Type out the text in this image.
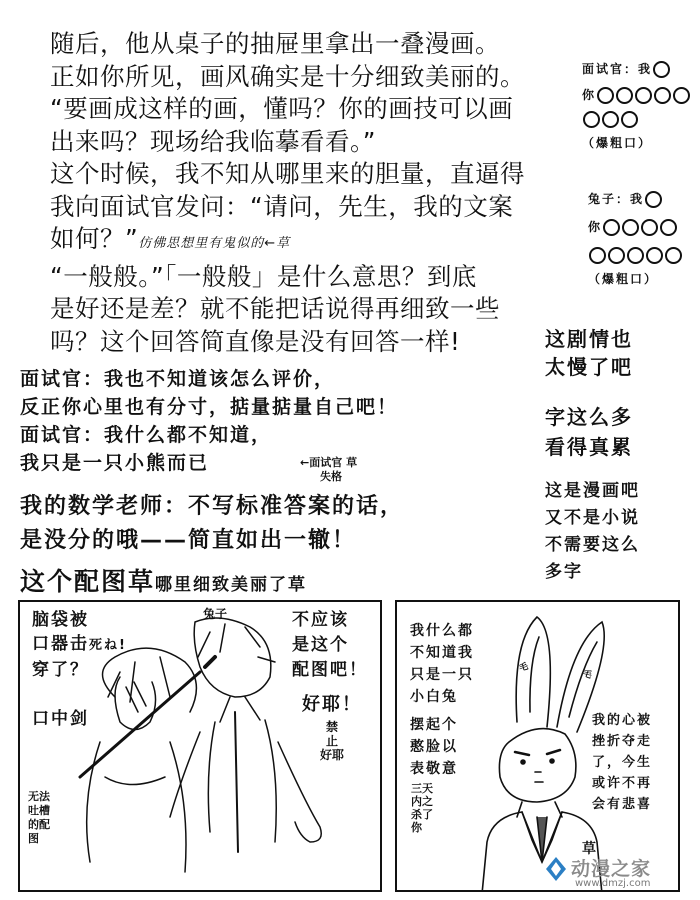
随后，他从桌子的抽屉里拿出一叠漫画。

正如你所见，画风确实是十分细致美丽的。

“要画成这样的画，懂吗？你的画技可以画

出来吗？现场给我临摹看看。”

这个时候，我不知从哪里来的胆量，直逼得

我向面试官发问：“请问，先生，我的文案

如何？”仿佛思想里有鬼似的←草

“一般般。”「一般般」是什么意思？到底

是好还是差？就不能把话说得再细致一些

吗？这个回答简直像是没有回答一样!

面试官：我
你
（爆粗口）
兔子：我
你
（爆粗口）
这剧情也
太慢了吧
字这么多
看得真累
这是漫画吧
又不是小说
不需要这么
多字
面试官：我也不知道该怎么评价，
反正你心里也有分寸，掂量掂量自己吧！
面试官：我什么都不知道，
我只是一只小熊而已	←面试官 草
失格
我的数学老师：不写标准答案的话，
是没分的哦——简直如出一辙！
这个配图草哪里细致美丽了草
脑袋被
口器击死ね!
穿了？
口中剑
兔子	不应该
是这个
配图吧！
好耶！
禁
止
好耶
无法
吐槽
的配
图
毛
毛
我什么都
不知道我
只是一只
小白兔
摆起个
憨脸以
表敬意
三天
内之
杀了
你
我的心被
挫折夺走
了，今生
或许不再
会有悲喜
草
动漫之家
www.dmzj.com
